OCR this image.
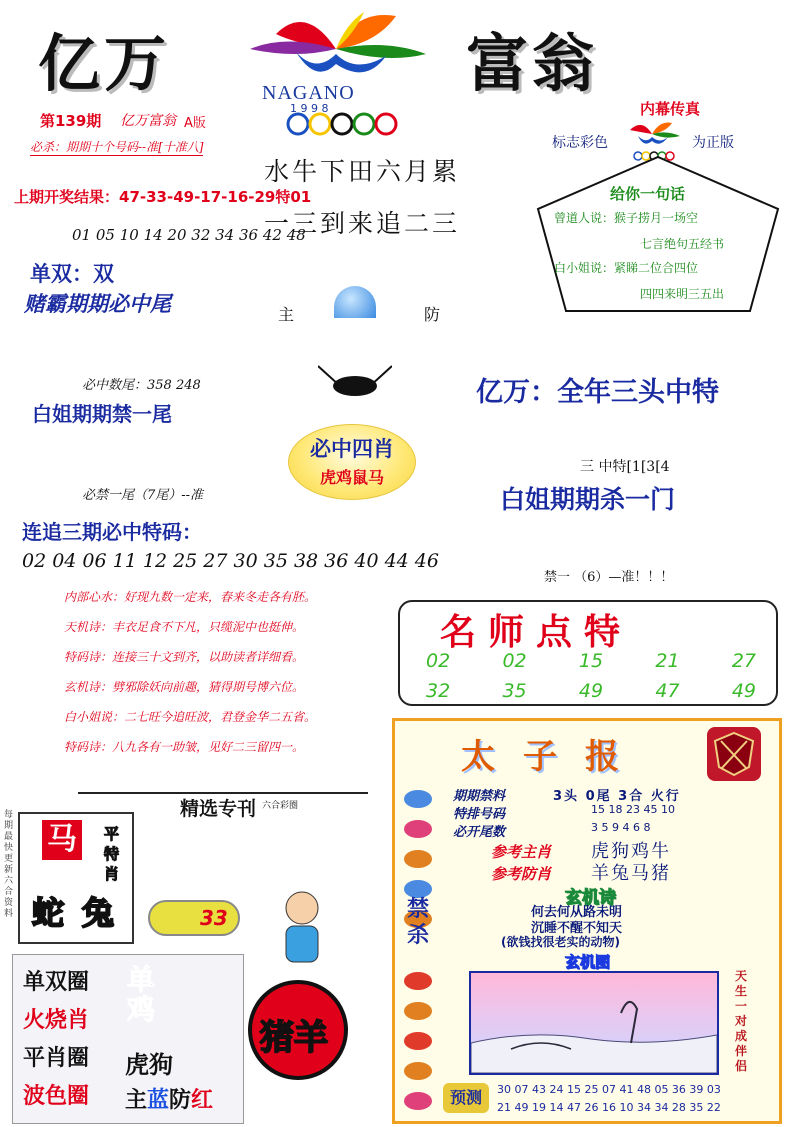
亿万	富翁
NAGANO
1 9 9 8
第139期 亿万富翁 A版
必杀：期期十个号码--准[十准八]
上期开奖结果：47-33-49-17-16-29特01
01 05 10 14 20 32 34 36 42 48
水牛下田六月累
一三到来追二三
单双：双
赌霸期期必中尾	主	防
内幕传真
标志彩色	为正版
给你一句话
曾道人说：猴子捞月一场空
七言绝句五经书
白小姐说：紧睇二位合四位
四四来明三五出
必中数尾：358 248
白姐期期禁一尾
亿万：全年三头中特
必中四肖
虎鸡鼠马
三 中特[1[3[4
必禁一尾（7尾）--准	白姐期期杀一门
连追三期必中特码：
02 04 06 11 12 25 27 30 35 38 36 40 44 46
禁一 （6）—准！！！
内部心水：好现九数一定来，春来冬走各有胚。
天机诗：丰衣足食不下凡，只缆泥中也挺伸。
特码诗：连接三十文到齐，以助读者详细看。
玄机诗：劈邪除妖向前趣，猜得期号博六位。
白小姐说：二七旺今追旺波，君登金华二五省。
特码诗：八九各有一助皱，见好二三留四一。
名师点特
02	02	15	21	27
32	35	49	47	49
太子报
禁杀
期期禁料	3头 0尾 3合 火行
特排号码	15 18 23 45 10
必开尾数	3 5 9 4 6 8
参考主肖 虎狗鸡牛
参考防肖 羊兔马猪
玄机诗
何去何从路未明
沉睡不醒不知天
(欲钱找很老实的动物)
玄机图
天生一对成伴侣
预测	30 07 43 24 15 25 07 41 48 05 36 39 03
21 49 19 14 47 26 16 10 34 34 28 35 22
精选专刊 六合彩圈
每期最快更新六合资料
马
蛇 兔
平特肖
33
单双圈
火烧肖
平肖圈
波色圈
单鸡
虎狗
主蓝防红
猪羊
